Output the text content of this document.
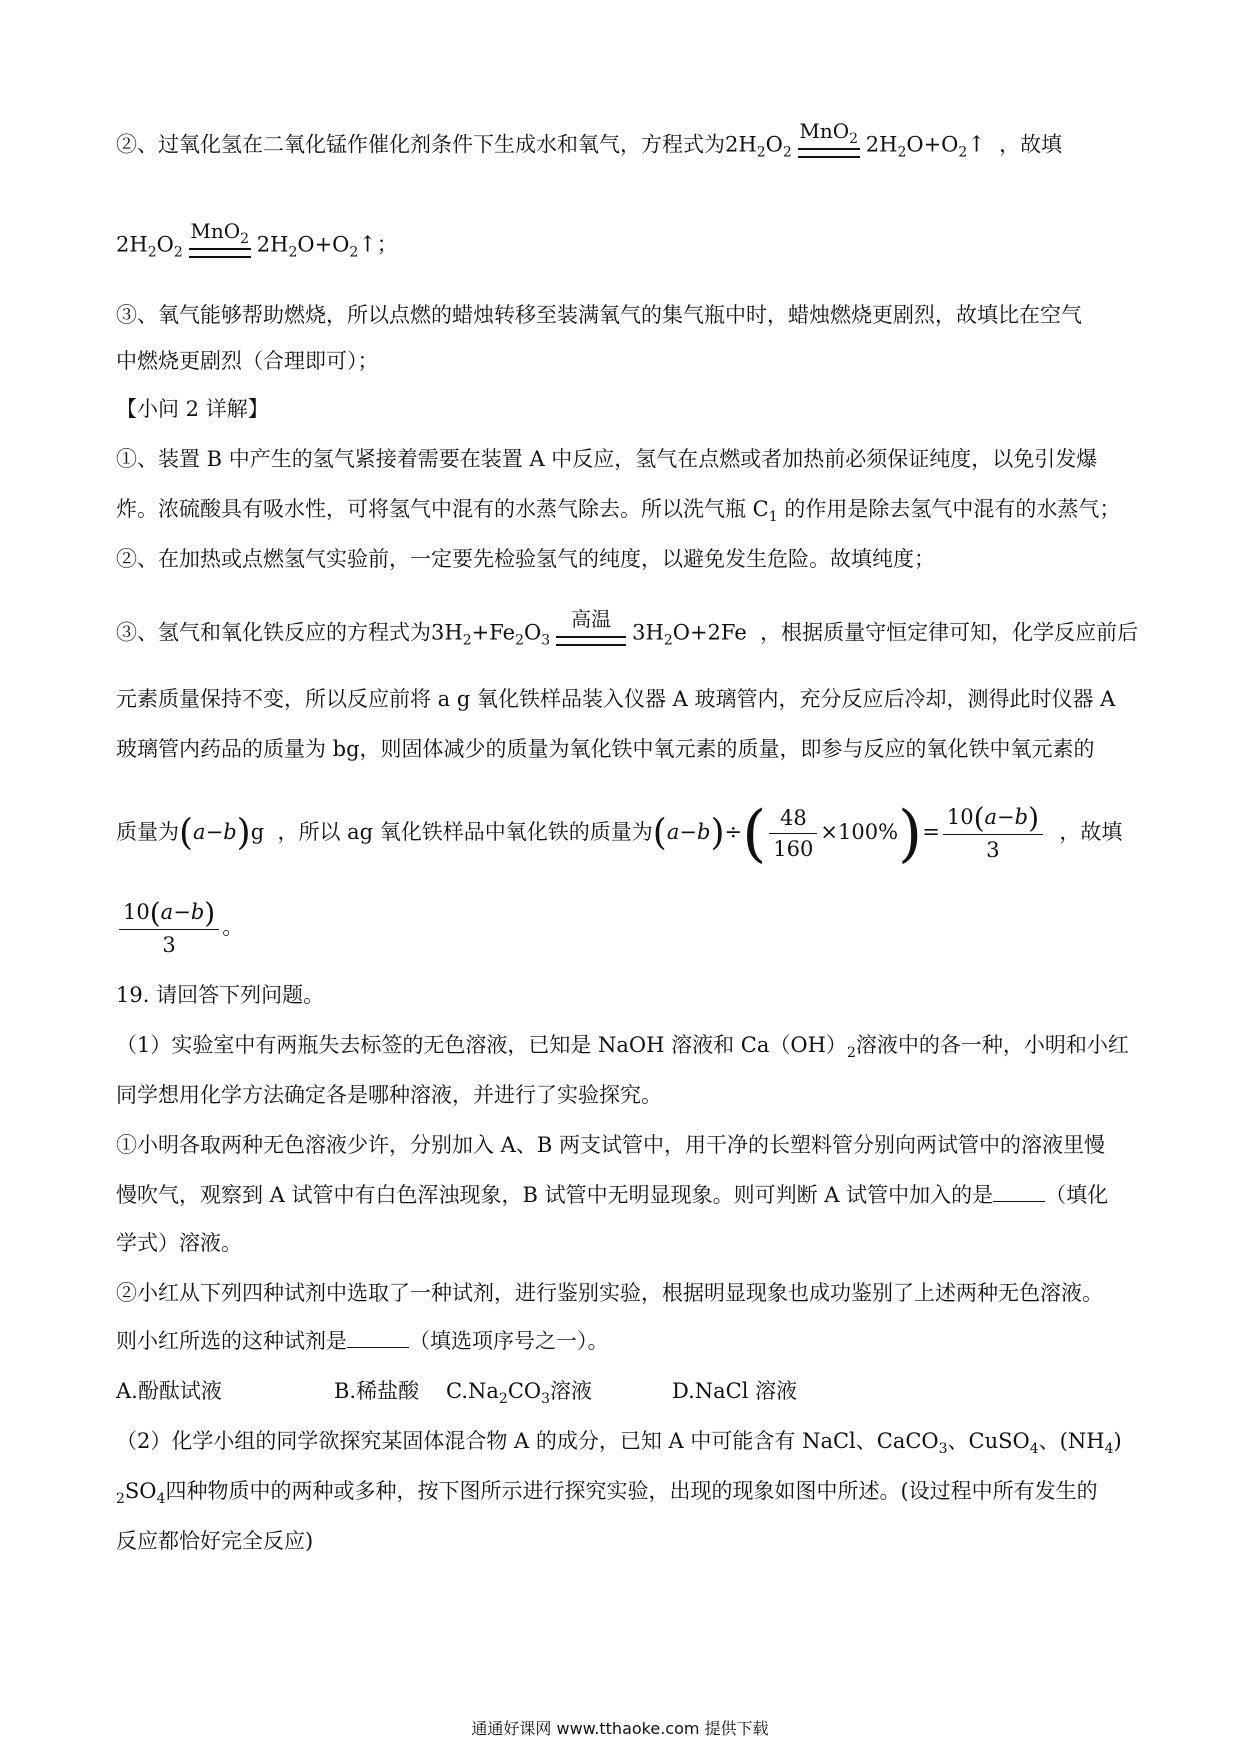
②、过氧化氢在二氧化锰作催化剂条件下生成水和氧气，方程式为$2H_2O_2$
MnO$_2$ $2H_2O+O_2↑$ ，故填
$2H_2O_2$
MnO$_2$ $2H_2O+O_2↑$；
③、氧气能够帮助燃烧，所以点燃的蜡烛转移至装满氧气的集气瓶中时，蜡烛燃烧更剧烈，故填比在空气
中燃烧更剧烈（合理即可）；
【小问 2 详解】
①、装置 B 中产生的氢气紧接着需要在装置 A 中反应，氢气在点燃或者加热前必须保证纯度，以免引发爆
炸。浓硫酸具有吸水性，可将氢气中混有的水蒸气除去。所以洗气瓶 $C_1$ 的作用是除去氢气中混有的水蒸气；
②、在加热或点燃氢气实验前，一定要先检验氢气的纯度，以避免发生危险。故填纯度；
③、氢气和氧化铁反应的方程式为$3H_2+Fe_2O_3$
高温
$3H_2O+2Fe$  ，根据质量守恒定律可知，化学反应前后
元素质量保持不变，所以反应前将 a g 氧化铁样品装入仪器 A 玻璃管内，充分反应后冷却，测得此时仪器 A
玻璃管内药品的质量为 bg，则固体减少的质量为氧化铁中氧元素的质量，即参与反应的氧化铁中氧元素的
质量为(a−b)g  ，所以 ag 氧化铁样品中氧化铁的质量为$(a-b)\div( \frac{48}{160} \times 100\%)= \frac{10(a-b)}{3}$ ，故填
$\frac{10(a-b)}{3}$ 。
19. 请回答下列问题。
（1）实验室中有两瓶失去标签的无色溶液，已知是 NaOH 溶液和 $Ca(OH)_2$溶液中的各一种，小明和小红
同学想用化学方法确定各是哪种溶液，并进行了实验探究。
①小明各取两种无色溶液少许，分别加入 A、B 两支试管中，用干净的长塑料管分别向两试管中的溶液里慢
慢吹气，观察到 A 试管中有白色浑浊现象，B 试管中无明显现象。则可判断 A 试管中加入的是 （填化
学式）溶液。
②小红从下列四种试剂中选取了一种试剂，进行鉴别实验，根据明显现象也成功鉴别了上述两种无色溶液。
则小红所选的这种试剂是	（填选项序号之一）。
A.酚酞试液	B.稀盐酸 $C.Na_2CO_3$溶液	D.NaCl 溶液
（2）化学小组的同学欲探究某固体混合物 A 的成分，已知 A 中可能含有 NaCl、CaCO$_3$、CuSO$_4$、$(NH_4)$
$_2SO_4$四种物质中的两种或多种，按下图所示进行探究实验，出现的现象如图中所述。(设过程中所有发生的
反应都恰好完全反应)
通通好课网 www.tthaoke.com 提供下载
